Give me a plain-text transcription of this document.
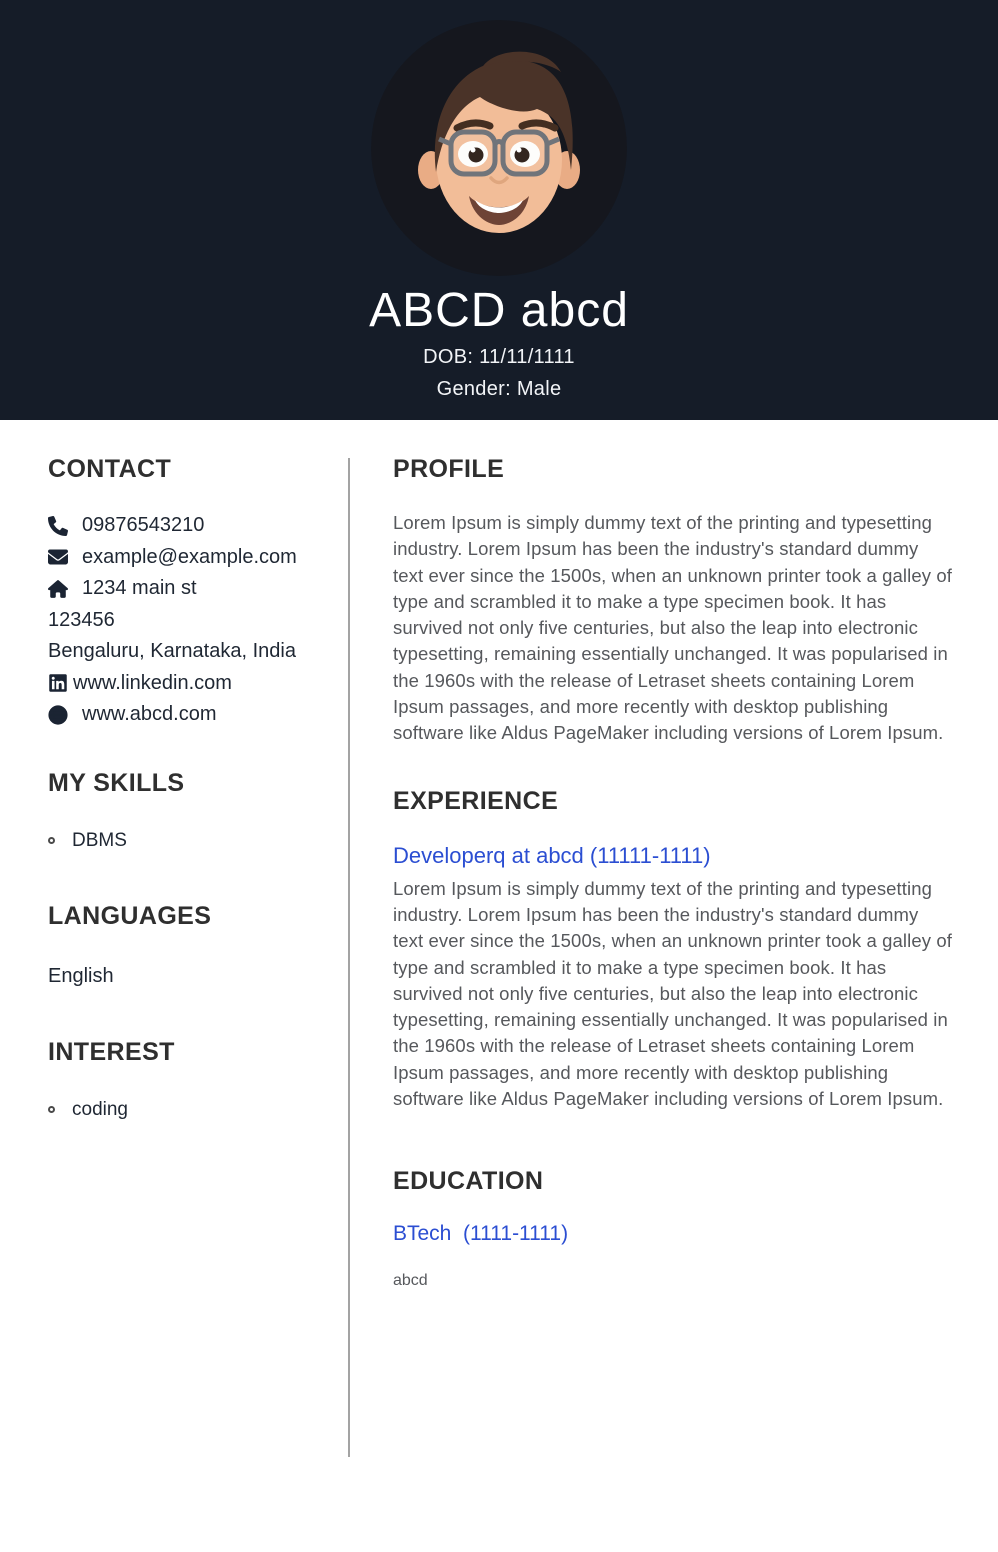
ABCD abcd
DOB: 11/11/1111
Gender: Male
CONTACT
09876543210
example@example.com
1234 main st
123456
Bengaluru, Karnataka, India
www.linkedin.com
www.abcd.com
MY SKILLS
DBMS
LANGUAGES
English
INTEREST
coding
PROFILE

Lorem Ipsum is simply dummy text of the printing and typesetting industry. Lorem Ipsum has been the industry's standard dummy text ever since the 1500s, when an unknown printer took a galley of type and scrambled it to make a type specimen book. It has survived not only five centuries, but also the leap into electronic typesetting, remaining essentially unchanged. It was popularised in the 1960s with the release of Letraset sheets containing Lorem Ipsum passages, and more recently with desktop publishing software like Aldus PageMaker including versions of Lorem Ipsum.

EXPERIENCE

Developerq at abcd (11111-1111)

Lorem Ipsum is simply dummy text of the printing and typesetting industry. Lorem Ipsum has been the industry's standard dummy text ever since the 1500s, when an unknown printer took a galley of type and scrambled it to make a type specimen book. It has survived not only five centuries, but also the leap into electronic typesetting, remaining essentially unchanged. It was popularised in the 1960s with the release of Letraset sheets containing Lorem Ipsum passages, and more recently with desktop publishing software like Aldus PageMaker including versions of Lorem Ipsum.

EDUCATION

BTech  (1111-1111)

abcd
